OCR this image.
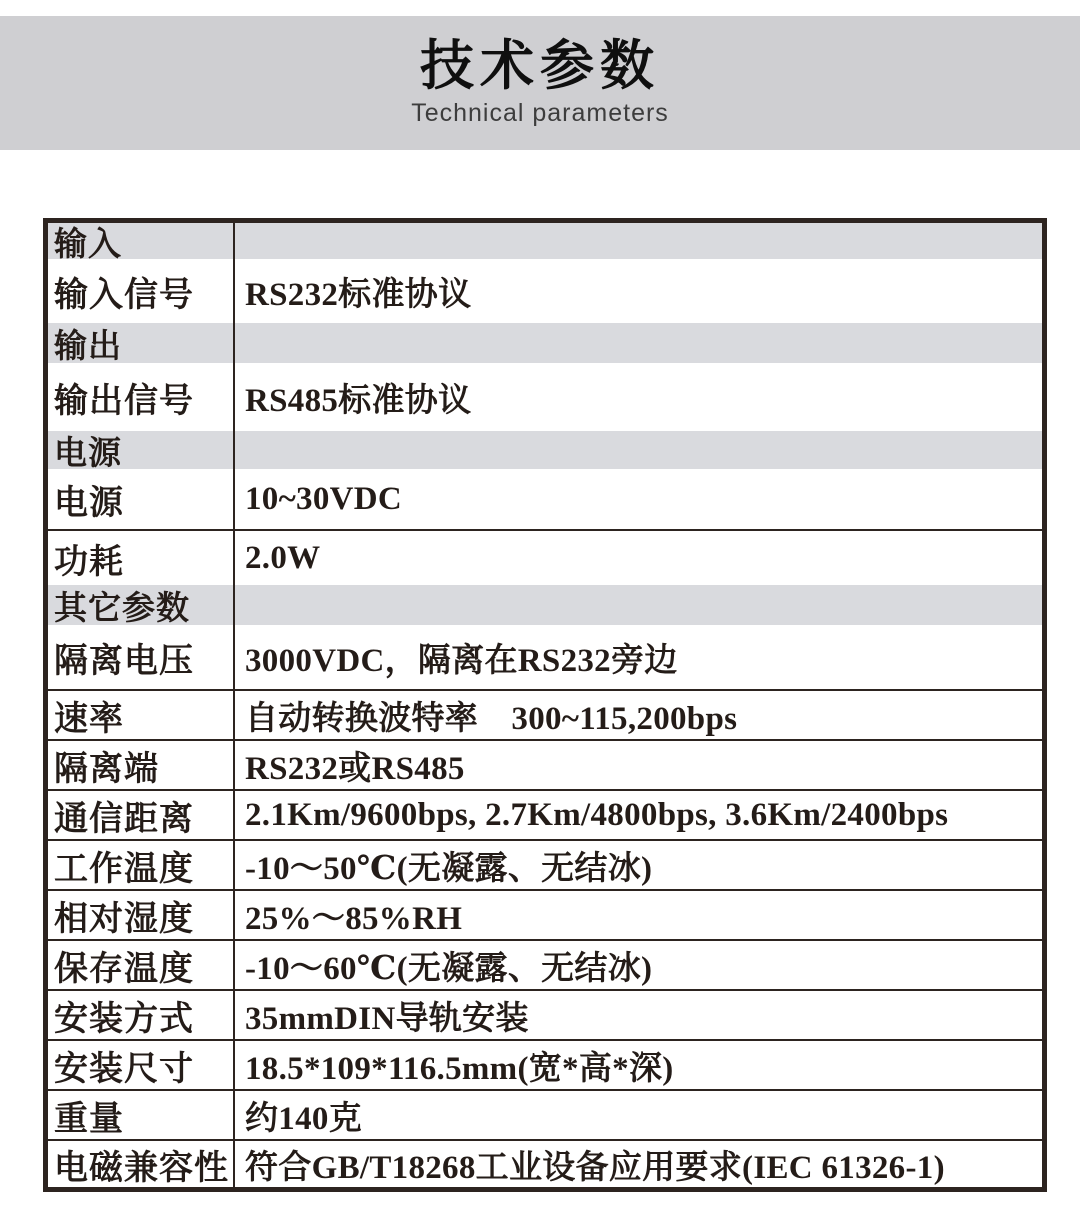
技术参数
Technical parameters
输入
输入信号	RS232标准协议
输出
输出信号	RS485标准协议
电源
电源	10~30VDC
功耗	2.0W
其它参数
隔离电压	3000VDC，隔离在RS232旁边
速率	自动转换波特率　300~115,200bps
隔离端	RS232或RS485
通信距离	2.1Km/9600bps, 2.7Km/4800bps, 3.6Km/2400bps
工作温度	-10～50℃(无凝露、无结冰)
相对湿度	25%～85%RH
保存温度	-10～60℃(无凝露、无结冰)
安装方式	35mmDIN导轨安装
安装尺寸	18.5*109*116.5mm(宽*高*深)
重量	约140克
电磁兼容性 符合GB/T18268工业设备应用要求(IEC 61326-1)
